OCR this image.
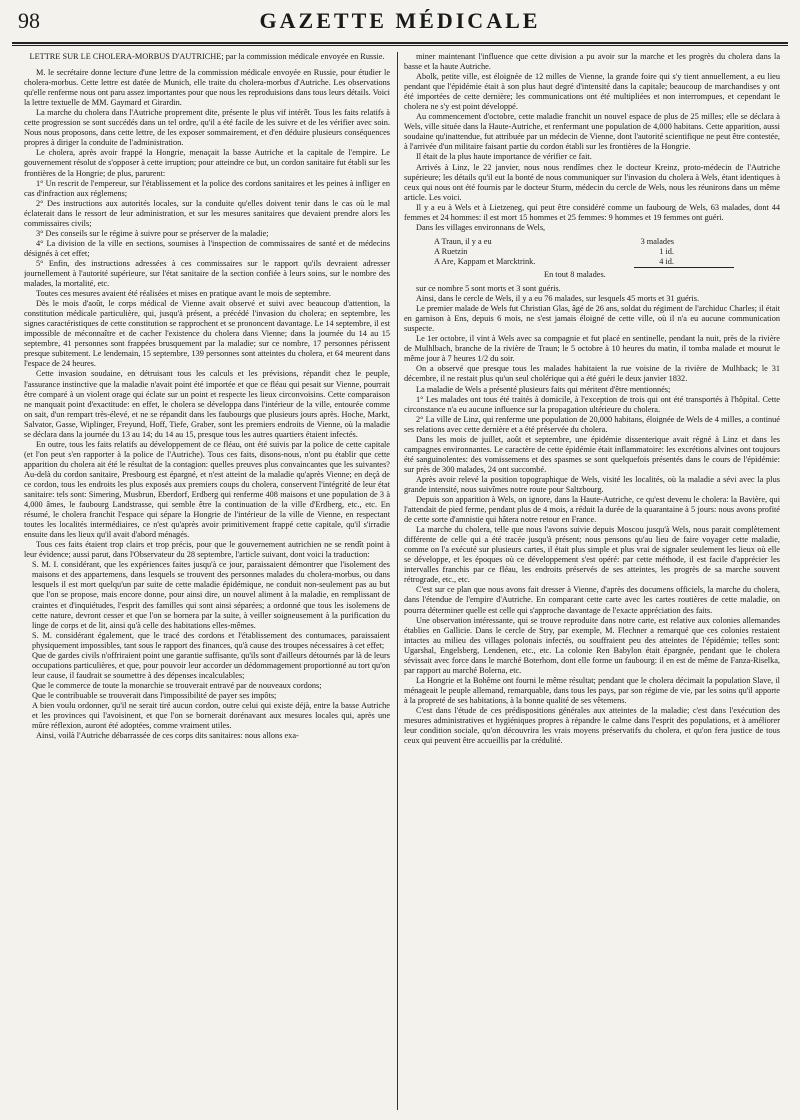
98	GAZETTE MÉDICALE

LETTRE SUR LE CHOLERA-MORBUS D'AUTRICHE; par la commission médicale envoyée en Russie.

M. le secrétaire donne lecture d'une lettre de la commission médicale envoyée en Russie, pour étudier le cholera-morbus. Cette lettre est datée de Munich, elle traite du cholera-morbus d'Autriche. Les observations qu'elle renferme nous ont paru assez importantes pour que nous les reproduisions dans tous leurs détails. Voici la lettre textuelle de MM. Gaymard et Girardin.

La marche du cholera dans l'Autriche proprement dite, présente le plus vif intérêt. Tous les faits relatifs à cette progression se sont succédés dans un tel ordre, qu'il a été facile de les suivre et de les vérifier avec soin. Nous nous proposons, dans cette lettre, de les exposer sommairement, et d'en déduire plusieurs conséquences propres à diriger la conduite de l'administration.

Le cholera, après avoir frappé la Hongrie, menaçait la basse Autriche et la capitale de l'empire. Le gouvernement résolut de s'opposer à cette irruption; pour atteindre ce but, un cordon sanitaire fut établi sur les frontières de la Hongrie; de plus, parurent:

1° Un rescrit de l'empereur, sur l'établissement et la police des cordons sanitaires et les peines à infliger en cas d'infraction aux réglemens;

2° Des instructions aux autorités locales, sur la conduite qu'elles doivent tenir dans le cas où le mal éclaterait dans le ressort de leur administration, et sur les mesures sanitaires que devaient prendre alors les commissaires civils;

3° Des conseils sur le régime à suivre pour se préserver de la maladie;

4° La division de la ville en sections, soumises à l'inspection de commissaires de santé et de médecins désignés à cet effet;

5° Enfin, des instructions adressées à ces commissaires sur le rapport qu'ils devraient adresser journellement à l'autorité supérieure, sur l'état sanitaire de la section confiée à leurs soins, sur le nombre des malades, la mortalité, etc.

Toutes ces mesures avaient été réalisées et mises en pratique avant le mois de septembre.

Dès le mois d'août, le corps médical de Vienne avait observé et suivi avec beaucoup d'attention, la constitution médicale particulière, qui, jusqu'à présent, a précédé l'invasion du cholera; en septembre, les signes caractéristiques de cette constitution se rapprochent et se prononcent davantage. Le 14 septembre, il est impossible de méconnaître et de cacher l'existence du cholera dans Vienne; dans la journée du 14 au 15 septembre, 41 personnes sont frappées brusquement par la maladie; sur ce nombre, 17 personnes périssent presque subitement. Le lendemain, 15 septembre, 139 personnes sont atteintes du cholera, et 64 meurent dans l'espace de 24 heures.

Cette invasion soudaine, en détruisant tous les calculs et les prévisions, répandit chez le peuple, l'assurance instinctive que la maladie n'avait point été importée et que ce fléau qui pesait sur Vienne, pourrait être comparé à un violent orage qui éclate sur un point et respecte les lieux circonvoisins. Cette comparaison ne manquait point d'exactitude: en effet, le cholera se développa dans l'intérieur de la ville, entourée comme on sait, d'un rempart très-élevé, et ne se répandit dans les faubourgs que plusieurs jours après. Hoche, Markt, Salvator, Gasse, Wiplinger, Freyund, Hoff, Tiefe, Graber, sont les premiers endroits de Vienne, où la maladie se déclara dans la journée du 13 au 14; du 14 au 15, presque tous les autres quartiers étaient infectés.

En outre, tous les faits relatifs au développement de ce fléau, ont été suivis par la police de cette capitale (et l'on peut s'en rapporter à la police de l'Autriche). Tous ces faits, disons-nous, n'ont pu établir que cette apparition du cholera ait été le résultat de la contagion: quelles preuves plus convaincantes que les suivantes? Au-delà du cordon sanitaire, Presbourg est épargné, et n'est atteint de la maladie qu'après Vienne; en deçà de ce cordon, tous les endroits les plus exposés aux premiers coups du cholera, conservent l'intégrité de leur état sanitaire: tels sont: Simering, Musbrun, Eberdorf, Erdberg qui renferme 408 maisons et une population de 3 à 4,000 âmes, le faubourg Landstrasse, qui semble être la continuation de la ville d'Erdberg, etc., etc. En résumé, le cholera franchit l'espace qui sépare la Hongrie de l'intérieur de la ville de Vienne, en respectant toutes les localités intermédiaires, ce n'est qu'après avoir primitivement frappé cette capitale, qu'il s'irradie ensuite dans les lieux qu'il avait d'abord ménagés.

Tous ces faits étaient trop clairs et trop précis, pour que le gouvernement autrichien ne se rendît point à leur évidence; aussi parut, dans l'Observateur du 28 septembre, l'article suivant, dont voici la traduction:

S. M. I. considérant, que les expériences faites jusqu'à ce jour, paraissaient démontrer que l'isolement des maisons et des appartemens, dans lesquels se trouvent des personnes malades du cholera-morbus, ou dans lesquels il est mort quelqu'un par suite de cette maladie épidémique, ne conduit non-seulement pas au but que l'on se propose, mais encore donne, pour ainsi dire, un nouvel aliment à la maladie, en remplissant de craintes et d'inquiétudes, l'esprit des familles qui sont ainsi séparées; a ordonné que tous les isolemens de cette nature, devront cesser et que l'on se bornera par la suite, à veiller soigneusement à la purification du linge de corps et de lit, ainsi qu'à celle des habitations elles-mêmes.

S. M. considérant également, que le tracé des cordons et l'établissement des contumaces, paraissaient physiquement impossibles, tant sous le rapport des finances, qu'à cause des troupes nécessaires à cet effet;

Que de gardes civils n'offriraient point une garantie suffisante, qu'ils sont d'ailleurs détournés par là de leurs occupations particulières, et que, pour pouvoir leur accorder un dédommagement proportionné au tort qu'on leur cause, il faudrait se soumettre à des dépenses incalculables;

Que le commerce de toute la monarchie se trouverait entravé par de nouveaux cordons;

Que le contribuable se trouverait dans l'impossibilité de payer ses impôts;

A bien voulu ordonner, qu'il ne serait tiré aucun cordon, outre celui qui existe déjà, entre la basse Autriche et les provinces qui l'avoisinent, et que l'on se bornerait dorénavant aux mesures locales qui, après une mûre réflexion, auront été adoptées, comme vraiment utiles.

Ainsi, voilà l'Autriche débarrassée de ces corps dits sanitaires: nous allons exa-

miner maintenant l'influence que cette division a pu avoir sur la marche et les progrès du cholera dans la basse et la haute Autriche.

Abolk, petite ville, est éloignée de 12 milles de Vienne, la grande foire qui s'y tient annuellement, a eu lieu pendant que l'épidémie était à son plus haut degré d'intensité dans la capitale; beaucoup de marchandises y ont été importées de cette dernière; les communications ont été multipliées et non interrompues, et cependant le cholera ne s'y est point développé.

Au commencement d'octobre, cette maladie franchit un nouvel espace de plus de 25 milles; elle se déclara à Wels, ville située dans la Haute-Autriche, et renfermant une population de 4,000 habitans. Cette apparition, aussi soudaine qu'inattendue, fut attribuée par un médecin de Vienne, dont l'autorité scientifique ne peut être contestée, à l'arrivée d'un militaire faisant partie du cordon établi sur les frontières de la Hongrie.

Il était de la plus haute importance de vérifier ce fait.

Arrivés à Linz, le 22 janvier, nous nous rendîmes chez le docteur Kreinz, proto-médecin de l'Autriche supérieure; les détails qu'il eut la bonté de nous communiquer sur l'invasion du cholera à Wels, étant identiques à ceux qui nous ont été fournis par le docteur Sturm, médecin du cercle de Wels, nous les réunirons dans un même article. Les voici.

Il y a eu à Wels et à Lietzeneg, qui peut être considéré comme un faubourg de Wels, 63 malades, dont 44 femmes et 24 hommes: il est mort 15 hommes et 25 femmes: 9 hommes et 19 femmes ont guéri.

Dans les villages environnans de Wels,

A Traun, il y a eu	3 malades
A Ruetzin	1 id.
A Are, Kappam et Marcktrink.	4 id.
En tout 8 malades.

sur ce nombre 5 sont morts et 3 sont guéris.

Ainsi, dans le cercle de Wels, il y a eu 76 malades, sur lesquels 45 morts et 31 guéris.

Le premier malade de Wels fut Christian Glas, âgé de 26 ans, soldat du régiment de l'archiduc Charles; il était en garnison à Ens, depuis 6 mois, ne s'est jamais éloigné de cette ville, où il n'a eu aucune communication suspecte.

Le 1er octobre, il vint à Wels avec sa compagnie et fut placé en sentinelle, pendant la nuit, près de la rivière de Mulhlbach, branche de la rivière de Traun; le 5 octobre à 10 heures du matin, il tomba malade et mourut le même jour à 7 heures 1/2 du soir.

On a observé que presque tous les malades habitaient la rue voisine de la rivière de Mulhback; le 31 décembre, il ne restait plus qu'un seul cholérique qui a été guéri le deux janvier 1832.

La maladie de Wels a présenté plusieurs faits qui méritent d'être mentionnés;

1° Les malades ont tous été traités à domicile, à l'exception de trois qui ont été transportés à l'hôpital. Cette circonstance n'a eu aucune influence sur la propagation ultérieure du cholera.

2° La ville de Linz, qui renferme une population de 20,000 habitans, éloignée de Wels de 4 milles, a continué ses relations avec cette dernière et a été préservée du cholera.

Dans les mois de juillet, août et septembre, une épidémie dissenterique avait régné à Linz et dans les campagnes environnantes. Le caractère de cette épidémie était inflammatoire: les excrétions alvines ont toujours été sanguinolentes: des vomissemens et des spasmes se sont quelquefois présentés dans le cours de l'épidémie: sur près de 300 malades, 24 ont succombé.

Après avoir relevé la position topographique de Wels, visité les localités, où la maladie a sévi avec la plus grande intensité, nous suivîmes notre route pour Saltzbourg.

Depuis son apparition à Wels, on ignore, dans la Haute-Autriche, ce qu'est devenu le cholera: la Bavière, qui l'attendait de pied ferme, pendant plus de 4 mois, a réduit la durée de la quarantaine à 5 jours: nous avons profité de cette sorte d'amnistie qui hâtera notre retour en France.

La marche du cholera, telle que nous l'avons suivie depuis Moscou jusqu'à Wels, nous parait complètement différente de celle qui a été tracée jusqu'à présent; nous pensons qu'au lieu de faire voyager cette maladie, comme on l'a exécuté sur plusieurs cartes, il était plus simple et plus vrai de signaler seulement les lieux où elle se développe, et les époques où ce développement s'est opéré: par cette méthode, il est facile d'apprécier les intervalles franchis par ce fléau, les endroits préservés de ses atteintes, les progrès de sa marche souvent rétrograde, etc., etc.

C'est sur ce plan que nous avons fait dresser à Vienne, d'après des documens officiels, la marche du cholera, dans l'étendue de l'empire d'Autriche. En comparant cette carte avec les cartes routières de cette maladie, on pourra déterminer quelle est celle qui s'approche davantage de l'exacte appréciation des faits.

Une observation intéressante, qui se trouve reproduite dans notre carte, est relative aux colonies allemandes établies en Gallicie. Dans le cercle de Stry, par exemple, M. Flechner a remarqué que ces colonies restaient intactes au milieu des villages polonais infectés, ou souffraient peu des atteintes de l'épidémie; telles sont: Ugarshal, Engelsberg, Lendenen, etc., etc. La colonie Ren Babylon était épargnée, pendant que le cholera sévissait avec force dans le marché Boterhom, dont elle forme un faubourg: il en est de même de Fanza-Riselka, par rapport au marché Bolerna, etc.

La Hongrie et la Bohême ont fourni le même résultat; pendant que le cholera décimait la population Slave, il ménageait le peuple allemand, remarquable, dans tous les pays, par son régime de vie, par les soins qu'il apporte à la propreté de ses habitations, à la bonne qualité de ses vêtemens.

C'est dans l'étude de ces prédispositions générales aux atteintes de la maladie; c'est dans l'exécution des mesures administratives et hygiéniques propres à répandre le calme dans l'esprit des populations, et à améliorer leur condition sociale, qu'on découvrira les vrais moyens préservatifs du cholera, et qu'on fera justice de tous ceux qui peuvent être accueillis par la crédulité.
